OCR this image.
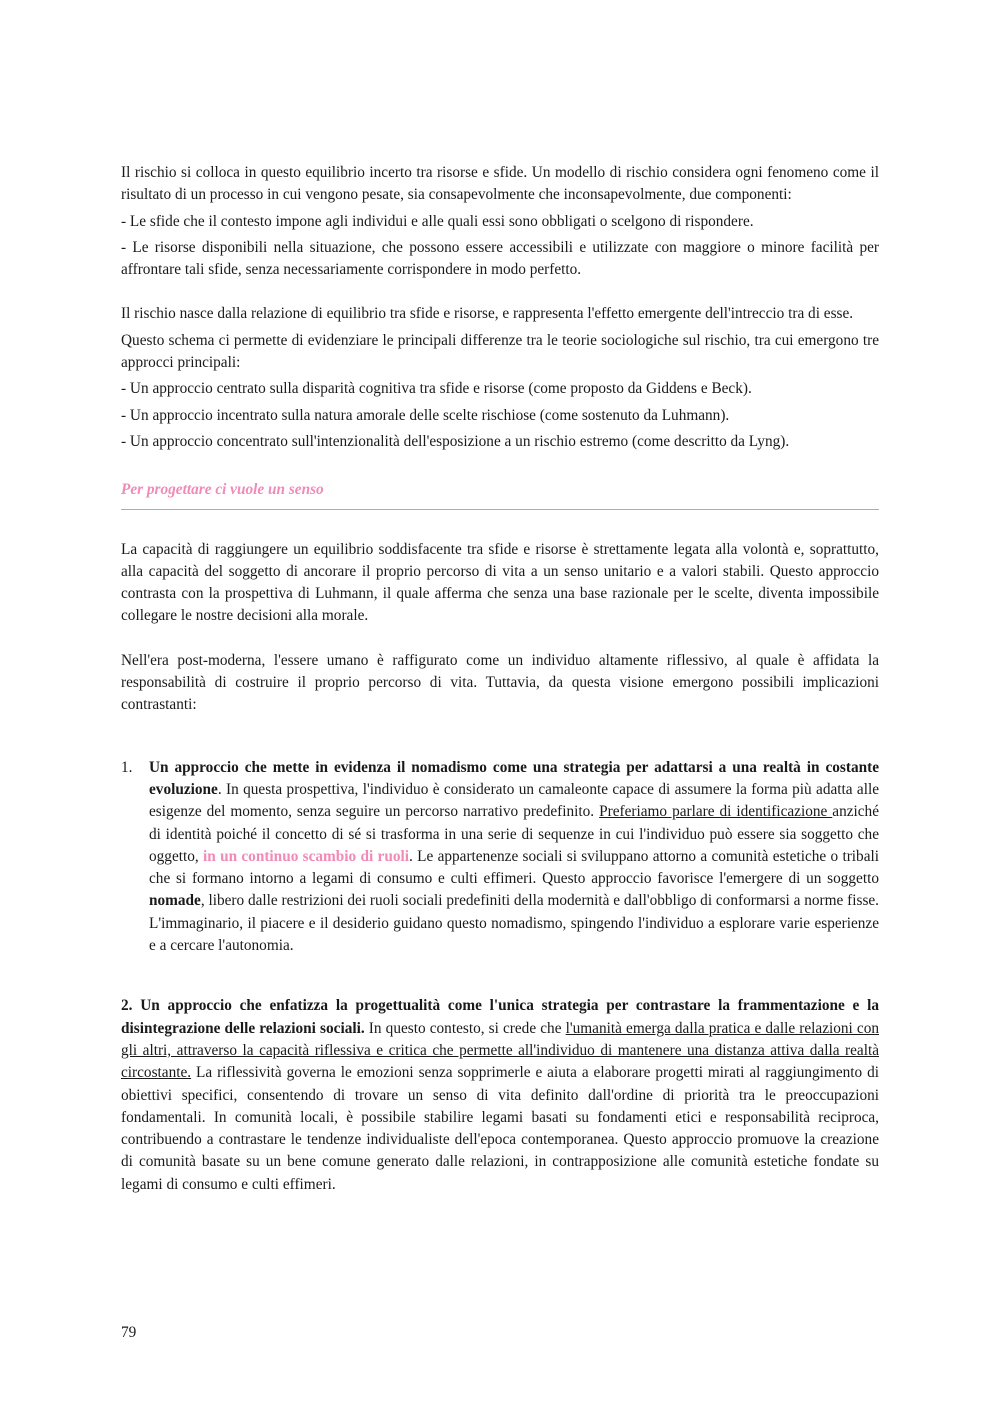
Il rischio si colloca in questo equilibrio incerto tra risorse e sfide. Un modello di rischio considera ogni fenomeno come il risultato di un processo in cui vengono pesate, sia consapevolmente che inconsapevolmente, due componenti:

- Le sfide che il contesto impone agli individui e alle quali essi sono obbligati o scelgono di rispondere.

- Le risorse disponibili nella situazione, che possono essere accessibili e utilizzate con maggiore o minore facilità per affrontare tali sfide, senza necessariamente corrispondere in modo perfetto.

Il rischio nasce dalla relazione di equilibrio tra sfide e risorse, e rappresenta l'effetto emergente dell'intreccio tra di esse.

Questo schema ci permette di evidenziare le principali differenze tra le teorie sociologiche sul rischio, tra cui emergono tre approcci principali:

- Un approccio centrato sulla disparità cognitiva tra sfide e risorse (come proposto da Giddens e Beck).

- Un approccio incentrato sulla natura amorale delle scelte rischiose (come sostenuto da Luhmann).

- Un approccio concentrato sull'intenzionalità dell'esposizione a un rischio estremo (come descritto da Lyng).

Per progettare ci vuole un senso

La capacità di raggiungere un equilibrio soddisfacente tra sfide e risorse è strettamente legata alla volontà e, soprattutto, alla capacità del soggetto di ancorare il proprio percorso di vita a un senso unitario e a valori stabili. Questo approccio contrasta con la prospettiva di Luhmann, il quale afferma che senza una base razionale per le scelte, diventa impossibile collegare le nostre decisioni alla morale.

Nell'era post-moderna, l'essere umano è raffigurato come un individuo altamente riflessivo, al quale è affidata la responsabilità di costruire il proprio percorso di vita. Tuttavia, da questa visione emergono possibili implicazioni contrastanti:

1.	Un approccio che mette in evidenza il nomadismo come una strategia per adattarsi a una realtà in costante evoluzione. In questa prospettiva, l'individuo è considerato un camaleonte capace di assumere la forma più adatta alle esigenze del momento, senza seguire un percorso narrativo predefinito. Preferiamo parlare di identificazione anziché di identità poiché il concetto di sé si trasforma in una serie di sequenze in cui l'individuo può essere sia soggetto che oggetto, in un continuo scambio di ruoli. Le appartenenze sociali si sviluppano attorno a comunità estetiche o tribali che si formano intorno a legami di consumo e culti effimeri. Questo approccio favorisce l'emergere di un soggetto nomade, libero dalle restrizioni dei ruoli sociali predefiniti della modernità e dall'obbligo di conformarsi a norme fisse. L'immaginario, il piacere e il desiderio guidano questo nomadismo, spingendo l'individuo a esplorare varie esperienze e a cercare l'autonomia.

2. Un approccio che enfatizza la progettualità come l'unica strategia per contrastare la frammentazione e la disintegrazione delle relazioni sociali. In questo contesto, si crede che l'umanità emerga dalla pratica e dalle relazioni con gli altri, attraverso la capacità riflessiva e critica che permette all'individuo di mantenere una distanza attiva dalla realtà circostante. La riflessività governa le emozioni senza sopprimerle e aiuta a elaborare progetti mirati al raggiungimento di obiettivi specifici, consentendo di trovare un senso di vita definito dall'ordine di priorità tra le preoccupazioni fondamentali. In comunità locali, è possibile stabilire legami basati su fondamenti etici e responsabilità reciproca, contribuendo a contrastare le tendenze individualiste dell'epoca contemporanea. Questo approccio promuove la creazione di comunità basate su un bene comune generato dalle relazioni, in contrapposizione alle comunità estetiche fondate su legami di consumo e culti effimeri.

79
